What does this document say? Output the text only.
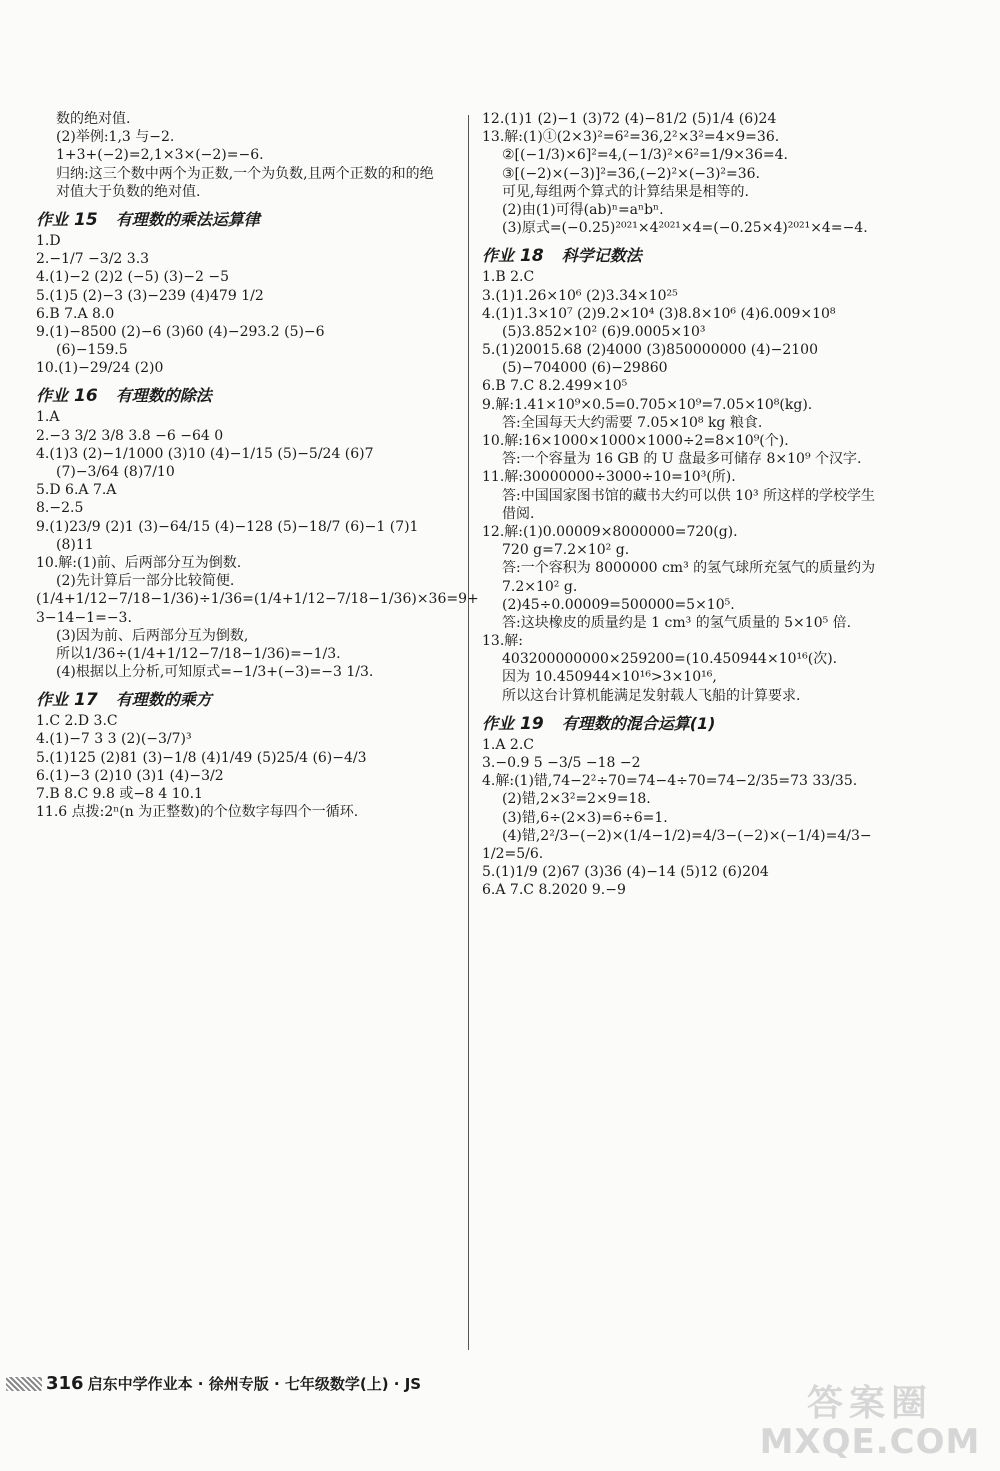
数的绝对值.
(2)举例:1,3 与−2.
1+3+(−2)=2,1×3×(−2)=−6.
归纳:这三个数中两个为正数,一个为负数,且两个正数的和的绝
对值大于负数的绝对值.
作业 15 有理数的乘法运算律
1.D
2.−1/7 −3/2 3.3
4.(1)−2 (2)2 (−5) (3)−2 −5
5.(1)5 (2)−3 (3)−239 (4)479 1/2
6.B 7.A 8.0
9.(1)−8500 (2)−6 (3)60 (4)−293.2 (5)−6
(6)−159.5
10.(1)−29/24 (2)0
作业 16 有理数的除法
1.A
2.−3 3/2 3/8 3.8 −6 −64 0
4.(1)3 (2)−1/1000 (3)10 (4)−1/15 (5)−5/24 (6)7
(7)−3/64 (8)7/10
5.D 6.A 7.A
8.−2.5
9.(1)23/9 (2)1 (3)−64/15 (4)−128 (5)−18/7 (6)−1 (7)1
(8)11
10.解:(1)前、后两部分互为倒数.
(2)先计算后一部分比较简便.
(1/4+1/12−7/18−1/36)÷1/36=(1/4+1/12−7/18−1/36)×36=9+
3−14−1=−3.
(3)因为前、后两部分互为倒数,
所以1/36÷(1/4+1/12−7/18−1/36)=−1/3.
(4)根据以上分析,可知原式=−1/3+(−3)=−3 1/3.
作业 17 有理数的乘方
1.C 2.D 3.C
4.(1)−7 3 3 (2)(−3/7)³
5.(1)125 (2)81 (3)−1/8 (4)1/49 (5)25/4 (6)−4/3
6.(1)−3 (2)10 (3)1 (4)−3/2
7.B 8.C 9.8 或−8 4 10.1
11.6 点拨:2ⁿ(n 为正整数)的个位数字每四个一循环.
12.(1)1 (2)−1 (3)72 (4)−81/2 (5)1/4 (6)24
13.解:(1)①(2×3)²=6²=36,2²×3²=4×9=36.
②[(−1/3)×6]²=4,(−1/3)²×6²=1/9×36=4.
③[(−2)×(−3)]²=36,(−2)²×(−3)²=36.
可见,每组两个算式的计算结果是相等的.
(2)由(1)可得(ab)ⁿ=aⁿbⁿ.
(3)原式=(−0.25)²⁰²¹×4²⁰²¹×4=(−0.25×4)²⁰²¹×4=−4.
作业 18 科学记数法
1.B 2.C
3.(1)1.26×10⁶ (2)3.34×10²⁵
4.(1)1.3×10⁷ (2)9.2×10⁴ (3)8.8×10⁶ (4)6.009×10⁸
(5)3.852×10² (6)9.0005×10³
5.(1)20015.68 (2)4000 (3)850000000 (4)−2100
(5)−704000 (6)−29860
6.B 7.C 8.2.499×10⁵
9.解:1.41×10⁹×0.5=0.705×10⁹=7.05×10⁸(kg).
答:全国每天大约需要 7.05×10⁸ kg 粮食.
10.解:16×1000×1000×1000÷2=8×10⁹(个).
答:一个容量为 16 GB 的 U 盘最多可储存 8×10⁹ 个汉字.
11.解:30000000÷3000÷10=10³(所).
答:中国国家图书馆的藏书大约可以供 10³ 所这样的学校学生
借阅.
12.解:(1)0.00009×8000000=720(g).
720 g=7.2×10² g.
答:一个容积为 8000000 cm³ 的氢气球所充氢气的质量约为
7.2×10² g.
(2)45÷0.00009=500000=5×10⁵.
答:这块橡皮的质量约是 1 cm³ 的氢气质量的 5×10⁵ 倍.
13.解:
403200000000×259200=(10.450944×10¹⁶(次).
因为 10.450944×10¹⁶>3×10¹⁶,
所以这台计算机能满足发射载人飞船的计算要求.
作业 19 有理数的混合运算(1)
1.A 2.C
3.−0.9 5 −3/5 −18 −2
4.解:(1)错,74−2²÷70=74−4÷70=74−2/35=73 33/35.
(2)错,2×3²=2×9=18.
(3)错,6÷(2×3)=6÷6=1.
(4)错,2²/3−(−2)×(1/4−1/2)=4/3−(−2)×(−1/4)=4/3−
1/2=5/6.
5.(1)1/9 (2)67 (3)36 (4)−14 (5)12 (6)204
6.A 7.C 8.2020 9.−9
316 启东中学作业本 · 徐州专版 · 七年级数学(上) · JS	答案圈
MXQE.COM
